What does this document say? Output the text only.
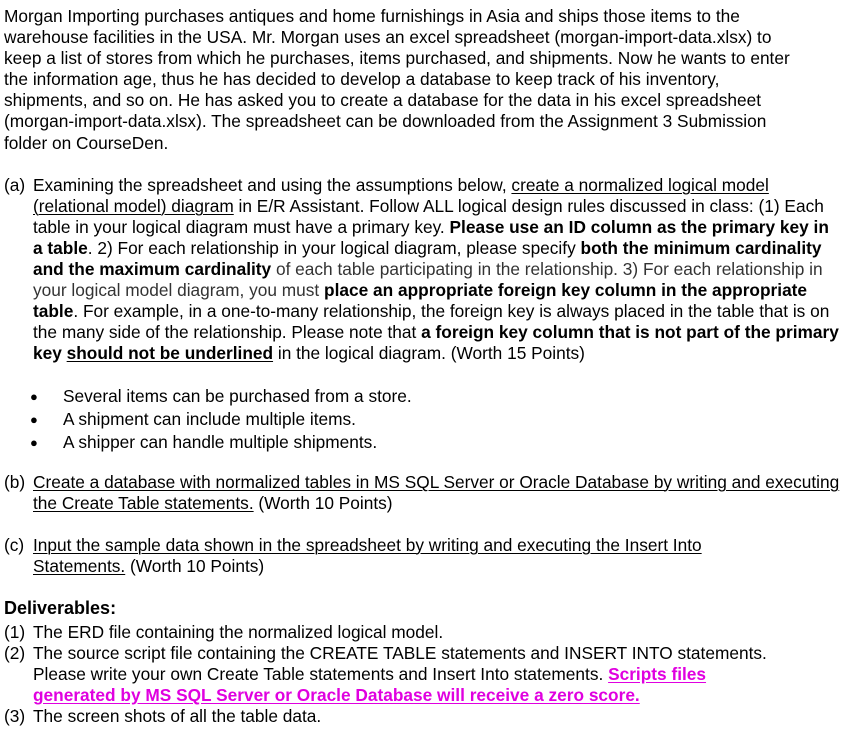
Morgan Importing purchases antiques and home furnishings in Asia and ships those items to the warehouse facilities in the USA. Mr. Morgan uses an excel spreadsheet (morgan-import-data.xlsx) to keep a list of stores from which he purchases, items purchased, and shipments. Now he wants to enter the information age, thus he has decided to develop a database to keep track of his inventory, shipments, and so on. He has asked you to create a database for the data in his excel spreadsheet (morgan-import-data.xlsx). The spreadsheet can be downloaded from the Assignment 3 Submission folder on CourseDen.

(a) Examining the spreadsheet and using the assumptions below, create a normalized logical model (relational model) diagram in E/R Assistant. Follow ALL logical design rules discussed in class: (1) Each table in your logical diagram must have a primary key. Please use an ID column as the primary key in a table. 2) For each relationship in your logical diagram, please specify both the minimum cardinality and the maximum cardinality of each table participating in the relationship. 3) For each relationship in your logical model diagram, you must place an appropriate foreign key column in the appropriate table. For example, in a one-to-many relationship, the foreign key is always placed in the table that is on the many side of the relationship. Please note that a foreign key column that is not part of the primary key should not be underlined in the logical diagram. (Worth 15 Points)
●	Several items can be purchased from a store.
●	A shipment can include multiple items.
●	A shipper can handle multiple shipments.
(b) Create a database with normalized tables in MS SQL Server or Oracle Database by writing and executing the Create Table statements. (Worth 10 Points)
(c) Input the sample data shown in the spreadsheet by writing and executing the Insert Into Statements. (Worth 10 Points)

Deliverables:

(1) The ERD file containing the normalized logical model.
(2) The source script file containing the CREATE TABLE statements and INSERT INTO statements. Please write your own Create Table statements and Insert Into statements. Scripts files generated by MS SQL Server or Oracle Database will receive a zero score.
(3) The screen shots of all the table data.
